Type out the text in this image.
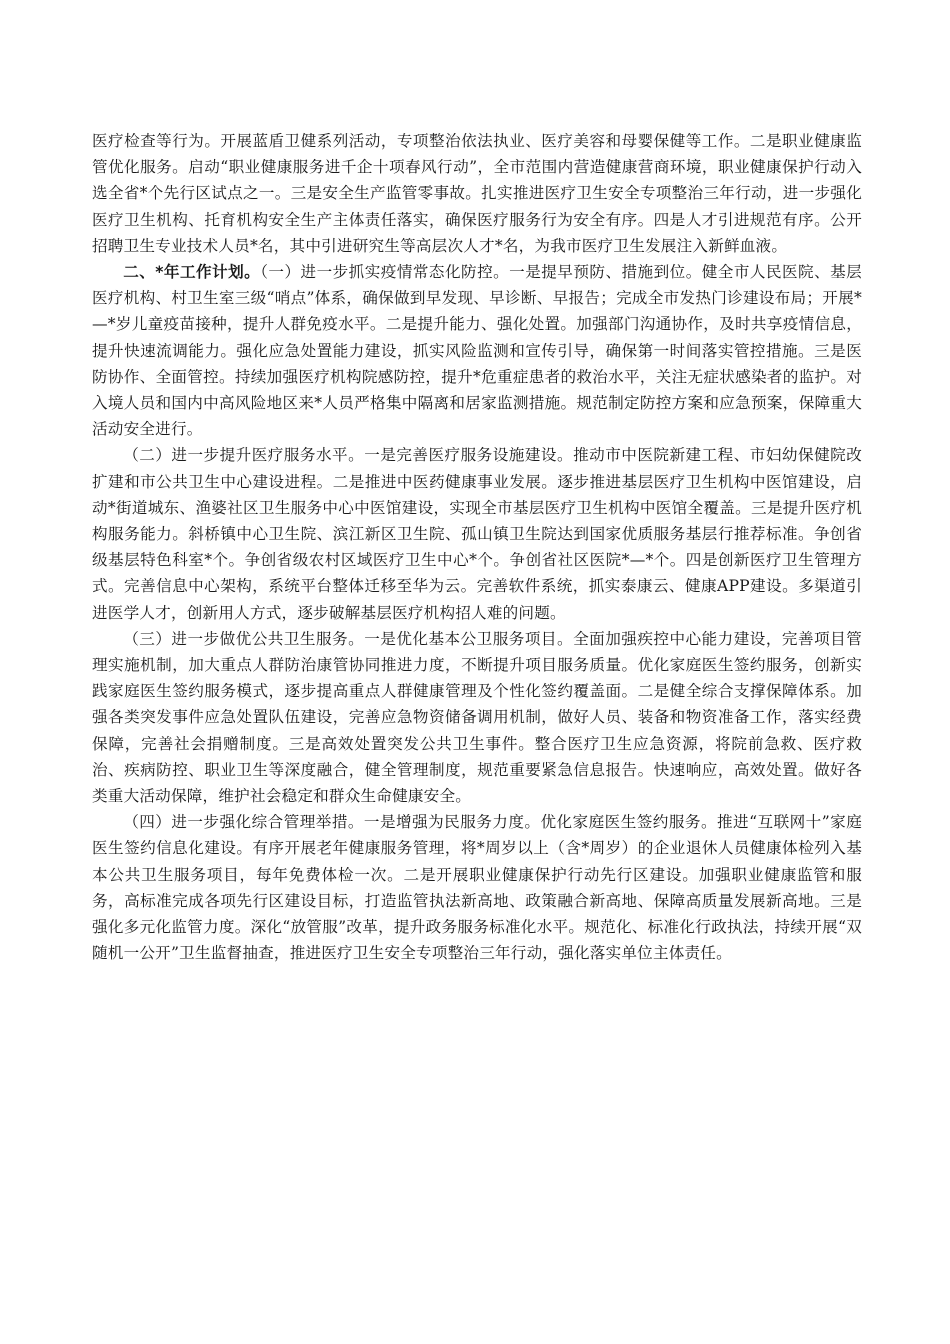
医疗检查等行为。开展蓝盾卫健系列活动，专项整治依法执业、医疗美容和母婴保健等工作。二是职业健康监管优化服务。启动“职业健康服务进千企十项春风行动”，全市范围内营造健康营商环境，职业健康保护行动入选全省*个先行区试点之一。三是安全生产监管零事故。扎实推进医疗卫生安全专项整治三年行动，进一步强化医疗卫生机构、托育机构安全生产主体责任落实，确保医疗服务行为安全有序。四是人才引进规范有序。公开招聘卫生专业技术人员*名，其中引进研究生等高层次人才*名，为我市医疗卫生发展注入新鲜血液。

二、*年工作计划。（一）进一步抓实疫情常态化防控。一是提早预防、措施到位。健全市人民医院、基层医疗机构、村卫生室三级“哨点”体系，确保做到早发现、早诊断、早报告；完成全市发热门诊建设布局；开展*—*岁儿童疫苗接种，提升人群免疫水平。二是提升能力、强化处置。加强部门沟通协作，及时共享疫情信息，提升快速流调能力。强化应急处置能力建设，抓实风险监测和宣传引导，确保第一时间落实管控措施。三是医防协作、全面管控。持续加强医疗机构院感防控，提升*危重症患者的救治水平，关注无症状感染者的监护。对入境人员和国内中高风险地区来*人员严格集中隔离和居家监测措施。规范制定防控方案和应急预案，保障重大活动安全进行。

（二）进一步提升医疗服务水平。一是完善医疗服务设施建设。推动市中医院新建工程、市妇幼保健院改扩建和市公共卫生中心建设进程。二是推进中医药健康事业发展。逐步推进基层医疗卫生机构中医馆建设，启动*街道城东、渔婆社区卫生服务中心中医馆建设，实现全市基层医疗卫生机构中医馆全覆盖。三是提升医疗机构服务能力。斜桥镇中心卫生院、滨江新区卫生院、孤山镇卫生院达到国家优质服务基层行推荐标准。争创省级基层特色科室*个。争创省级农村区域医疗卫生中心*个。争创省社区医院*—*个。四是创新医疗卫生管理方式。完善信息中心架构，系统平台整体迁移至华为云。完善软件系统，抓实泰康云、健康APP建设。多渠道引进医学人才，创新用人方式，逐步破解基层医疗机构招人难的问题。

（三）进一步做优公共卫生服务。一是优化基本公卫服务项目。全面加强疾控中心能力建设，完善项目管理实施机制，加大重点人群防治康管协同推进力度，不断提升项目服务质量。优化家庭医生签约服务，创新实践家庭医生签约服务模式，逐步提高重点人群健康管理及个性化签约覆盖面。二是健全综合支撑保障体系。加强各类突发事件应急处置队伍建设，完善应急物资储备调用机制，做好人员、装备和物资准备工作，落实经费保障，完善社会捐赠制度。三是高效处置突发公共卫生事件。整合医疗卫生应急资源，将院前急救、医疗救治、疾病防控、职业卫生等深度融合，健全管理制度，规范重要紧急信息报告。快速响应，高效处置。做好各类重大活动保障，维护社会稳定和群众生命健康安全。

（四）进一步强化综合管理举措。一是增强为民服务力度。优化家庭医生签约服务。推进“互联网十”家庭医生签约信息化建设。有序开展老年健康服务管理，将*周岁以上（含*周岁）的企业退休人员健康体检列入基本公共卫生服务项目，每年免费体检一次。二是开展职业健康保护行动先行区建设。加强职业健康监管和服务，高标准完成各项先行区建设目标，打造监管执法新高地、政策融合新高地、保障高质量发展新高地。三是强化多元化监管力度。深化“放管服”改革，提升政务服务标准化水平。规范化、标准化行政执法，持续开展“双随机一公开”卫生监督抽查，推进医疗卫生安全专项整治三年行动，强化落实单位主体责任。
